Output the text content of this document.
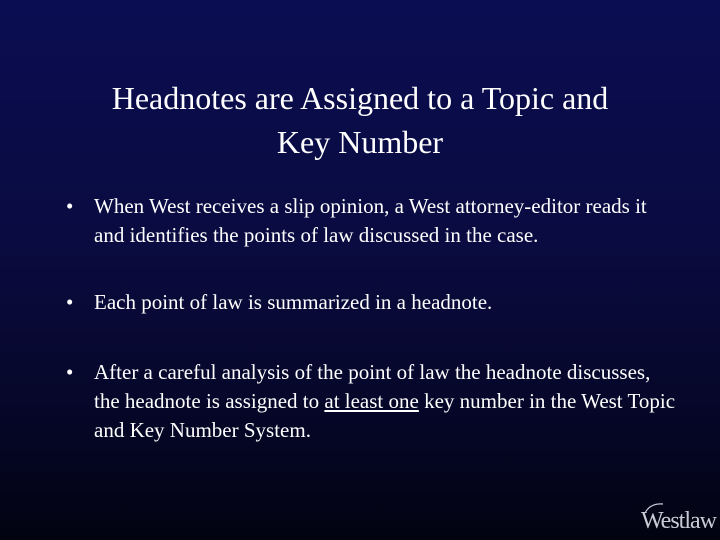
Headnotes are Assigned to a Topic and
Key Number
• When West receives a slip opinion, a West attorney-editor reads it and identifies the points of law discussed in the case.
• Each point of law is summarized in a headnote.
• After a careful analysis of the point of law the headnote discusses, the headnote is assigned to at least one key number in the West Topic and Key Number System.
Westlaw
